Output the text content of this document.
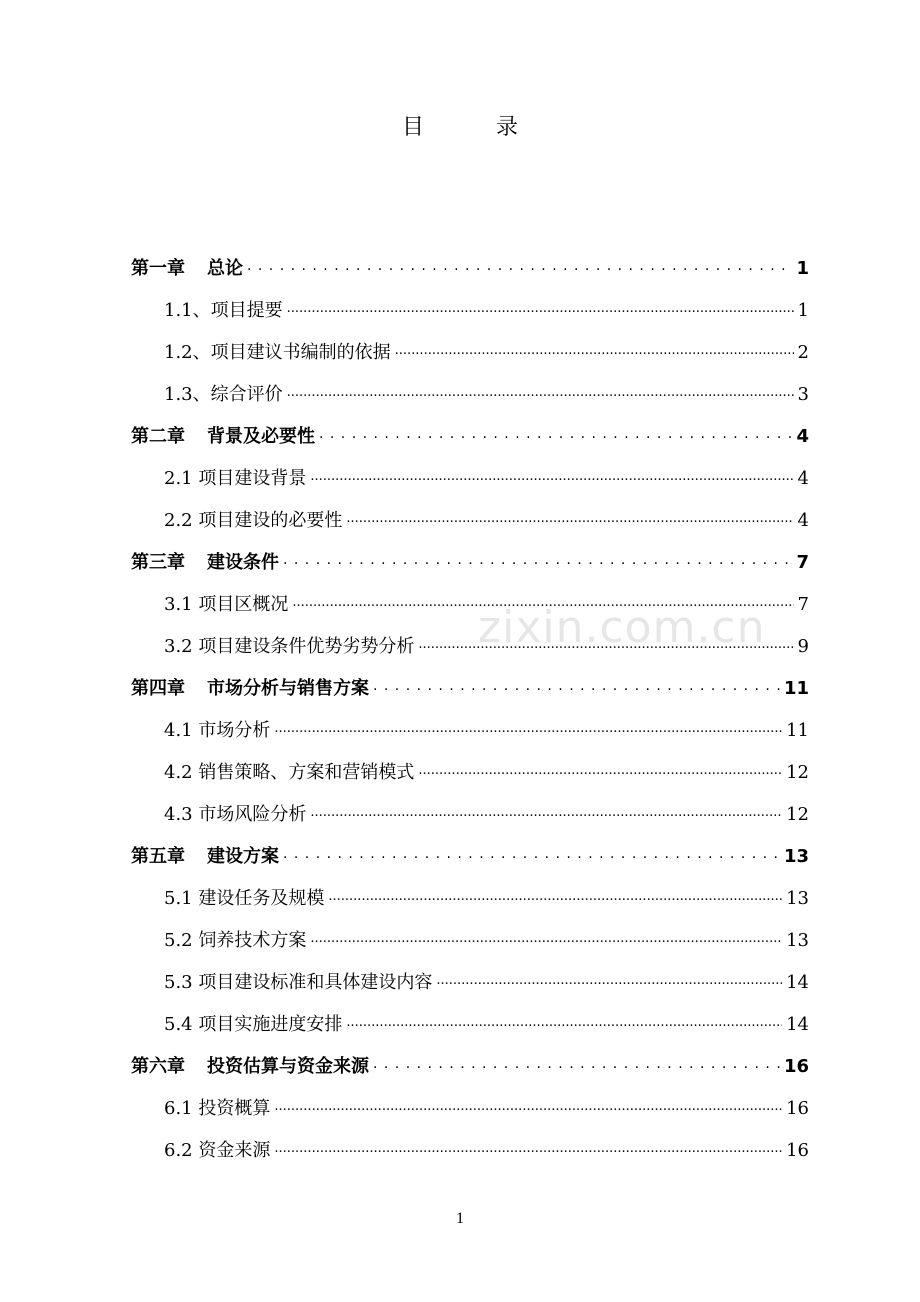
目录
第一章 总论 . . .	1
1.1、项目提要 .....	1
1.2、项目建议书编制的依据 .....	2
1.3、综合评价 .....	3
第二章 背景及必要性 . . .	4
2.1 项目建设背景 .....	4
2.2 项目建设的必要性 .....	4
第三章 建设条件 . . .	7
3.1 项目区概况 .....	7
3.2 项目建设条件优势劣势分析 .....	9
第四章 市场分析与销售方案 . . .	11
4.1 市场分析 .....	11
4.2 销售策略、方案和营销模式 .....	12
4.3 市场风险分析 .....	12
第五章 建设方案 . . .	13
5.1 建设任务及规模 .....	13
5.2 饲养技术方案 .....	13
5.3 项目建设标准和具体建设内容 .....	14
5.4 项目实施进度安排 .....	14
第六章 投资估算与资金来源 . . .	16
6.1 投资概算 .....	16
6.2 资金来源 .....	16
zixin.com.cn
1
